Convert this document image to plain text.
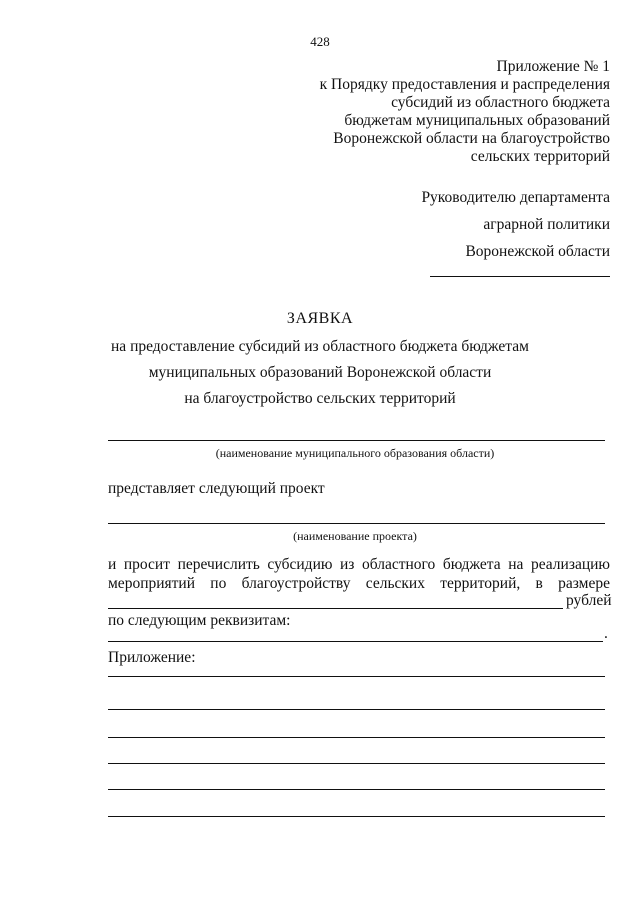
428
Приложение № 1
к Порядку предоставления и распределения
субсидий из областного бюджета
бюджетам муниципальных образований
Воронежской области на благоустройство
сельских территорий
Руководителю департамента
аграрной политики
Воронежской области
ЗАЯВКА
на предоставление субсидий из областного бюджета бюджетам
муниципальных образований Воронежской области
на благоустройство сельских территорий
(наименование муниципального образования области)
представляет следующий проект
(наименование проекта)
и просит перечислить субсидию из областного бюджета на реализацию
мероприятий по благоустройству сельских территорий, в размере
рублей
по следующим реквизитам:
.
Приложение:
